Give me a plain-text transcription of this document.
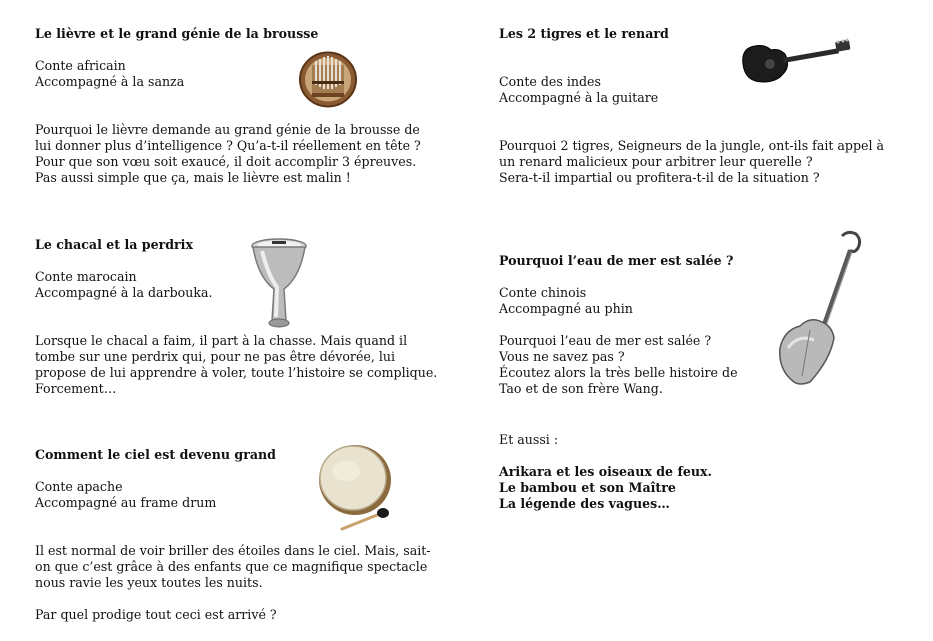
Le lièvre et le grand génie de la brousse
Conte africain
Accompagné à la sanza
Pourquoi le lièvre demande au grand génie de la brousse de
lui donner plus d’intelligence ? Qu’a-t-il réellement en tête ?
Pour que son vœu soit exaucé, il doit accomplir 3 épreuves.
Pas aussi simple que ça, mais le lièvre est malin !
Le chacal et la perdrix
Conte marocain
Accompagné à la darbouka.
Lorsque le chacal a faim, il part à la chasse. Mais quand il
tombe sur une perdrix qui, pour ne pas être dévorée, lui
propose de lui apprendre à voler, toute l’histoire se complique.
Forcement…
Comment le ciel est devenu grand
Conte apache
Accompagné au frame drum
Il est normal de voir briller des étoiles dans le ciel. Mais, sait-
on que c’est grâce à des enfants que ce magnifique spectacle
nous ravie les yeux toutes les nuits.
Par quel prodige tout ceci est arrivé ?
Les 2 tigres et le renard
Conte des indes
Accompagné à la guitare
Pourquoi 2 tigres, Seigneurs de la jungle, ont-ils fait appel à
un renard malicieux pour arbitrer leur querelle ?
Sera-t-il impartial ou profitera-t-il de la situation ?
Pourquoi l’eau de mer est salée ?
Conte chinois
Accompagné au phin
Pourquoi l’eau de mer est salée ?
Vous ne savez pas ?
Écoutez alors la très belle histoire de
Tao et de son frère Wang.
Et aussi :
Arikara et les oiseaux de feux.
Le bambou et son Maître
La légende des vagues…
